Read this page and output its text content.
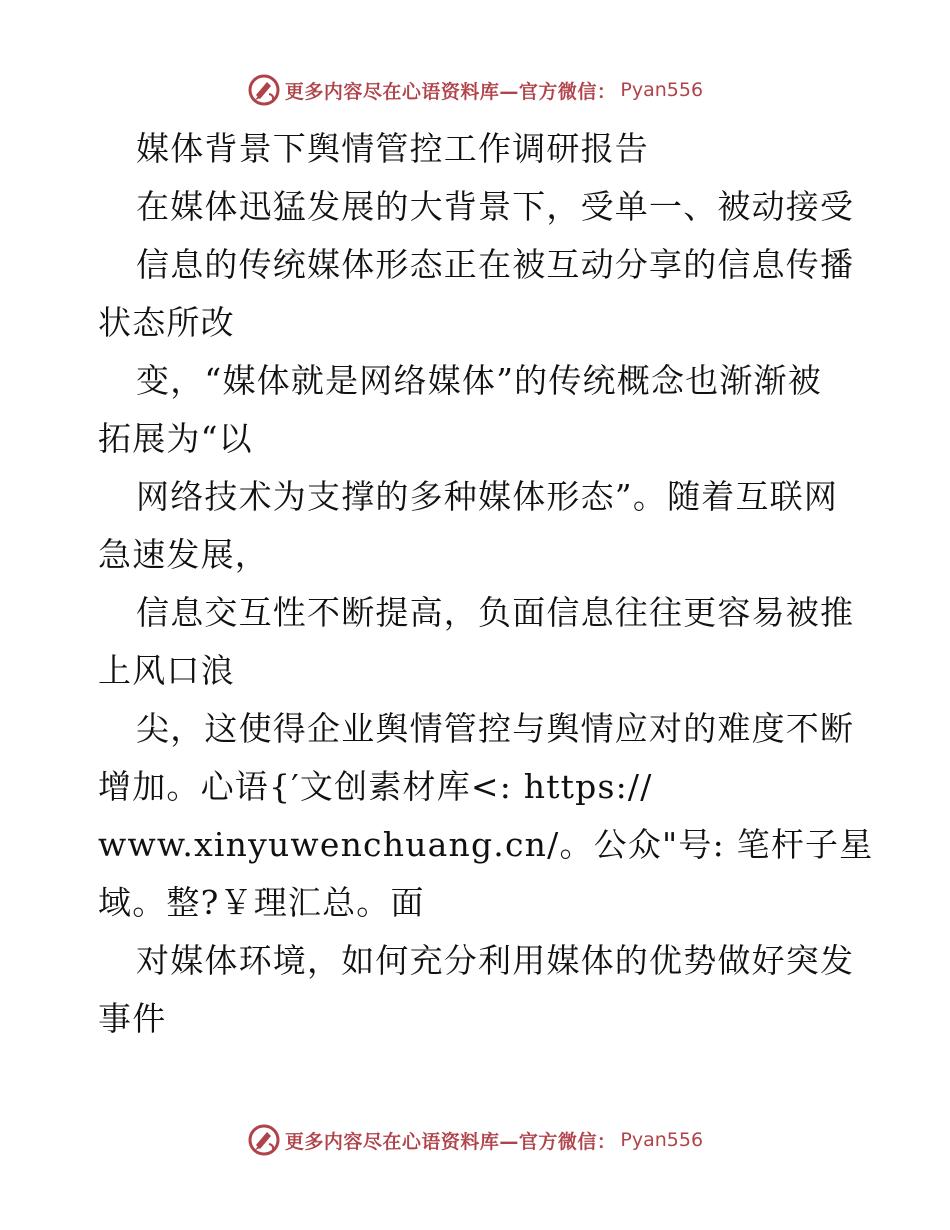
更多内容尽在心语资料库—官方微信： Pyan556
媒体背景下舆情管控工作调研报告
在媒体迅猛发展的大背景下，受单一、被动接受
信息的传统媒体形态正在被互动分享的信息传播
状态所改
变，“媒体就是网络媒体”的传统概念也渐渐被
拓展为“以
网络技术为支撑的多种媒体形态”。随着互联网
急速发展，
信息交互性不断提高，负面信息往往更容易被推
上风口浪
尖，这使得企业舆情管控与舆情应对的难度不断
增加。心语{′文创素材库<: https://
www.xinyuwenchuang.cn/。公众"号: 笔杆子星
域。整?￥理汇总。面
对媒体环境，如何充分利用媒体的优势做好突发
事件
更多内容尽在心语资料库—官方微信： Pyan556
